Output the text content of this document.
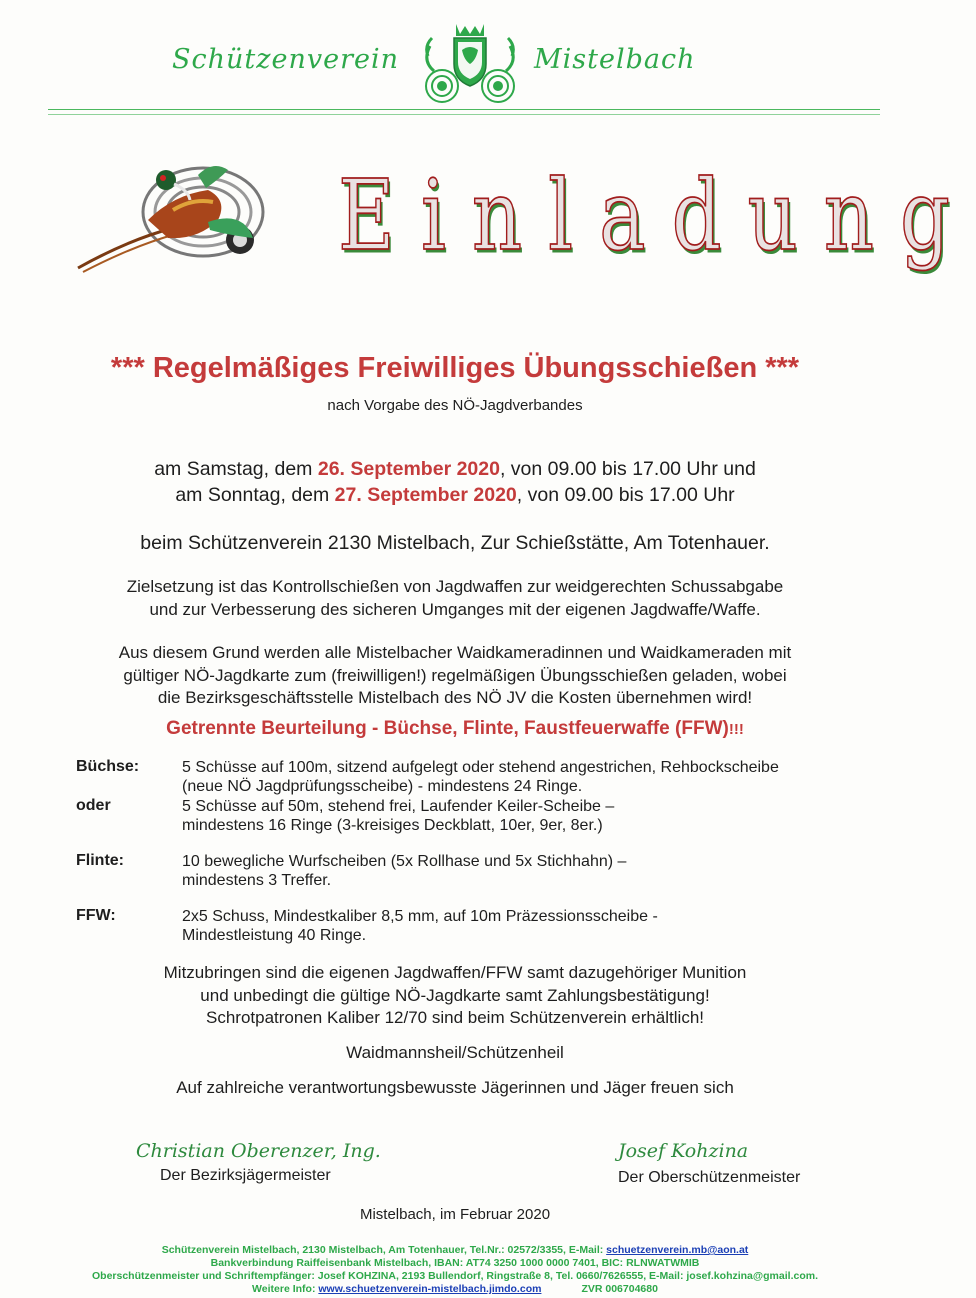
Schützenverein	Mistelbach
Einladung
*** Regelmäßiges Freiwilliges Übungsschießen ***
nach Vorgabe des NÖ-Jagdverbandes
am Samstag, dem 26. September 2020, von 09.00 bis 17.00 Uhr und
am Sonntag, dem 27. September 2020, von 09.00 bis 17.00 Uhr
beim Schützenverein 2130 Mistelbach, Zur Schießstätte, Am Totenhauer.
Zielsetzung ist das Kontrollschießen von Jagdwaffen zur weidgerechten Schussabgabe
und zur Verbesserung des sicheren Umganges mit der eigenen Jagdwaffe/Waffe.
Aus diesem Grund werden alle Mistelbacher Waidkameradinnen und Waidkameraden mit
gültiger NÖ-Jagdkarte zum (freiwilligen!) regelmäßigen Übungsschießen geladen, wobei
die Bezirksgeschäftsstelle Mistelbach des NÖ JV die Kosten übernehmen wird!
Getrennte Beurteilung - Büchse, Flinte, Faustfeuerwaffe (FFW)!!!
Büchse:	5 Schüsse auf 100m, sitzend aufgelegt oder stehend angestrichen, Rehbockscheibe
(neue NÖ Jagdprüfungsscheibe) - mindestens 24 Ringe.
oder	5 Schüsse auf 50m, stehend frei, Laufender Keiler-Scheibe –
mindestens 16 Ringe (3-kreisiges Deckblatt, 10er, 9er, 8er.)
Flinte:	10 bewegliche Wurfscheiben (5x Rollhase und 5x Stichhahn) –
mindestens 3 Treffer.
FFW:	2x5 Schuss, Mindestkaliber 8,5 mm, auf 10m Präzessionsscheibe -
Mindestleistung 40 Ringe.
Mitzubringen sind die eigenen Jagdwaffen/FFW samt dazugehöriger Munition
und unbedingt die gültige NÖ-Jagdkarte samt Zahlungsbestätigung!
Schrotpatronen Kaliber 12/70 sind beim Schützenverein erhältlich!
Waidmannsheil/Schützenheil
Auf zahlreiche verantwortungsbewusste Jägerinnen und Jäger freuen sich
Christian Oberenzer, Ing.
Der Bezirksjägermeister
Josef Kohzina
Der Oberschützenmeister
Mistelbach, im Februar 2020
Schützenverein Mistelbach, 2130 Mistelbach, Am Totenhauer, Tel.Nr.: 02572/3355, E-Mail: schuetzenverein.mb@aon.at
Bankverbindung Raiffeisenbank Mistelbach, IBAN: AT74 3250 1000 0000 7401, BIC: RLNWATWMIB
Oberschützenmeister und Schriftempfänger: Josef KOHZINA, 2193 Bullendorf, Ringstraße 8, Tel. 0660/7626555, E-Mail: josef.kohzina@gmail.com.
Weitere Info: www.schuetzenverein-mistelbach.jimdo.com	ZVR 006704680
